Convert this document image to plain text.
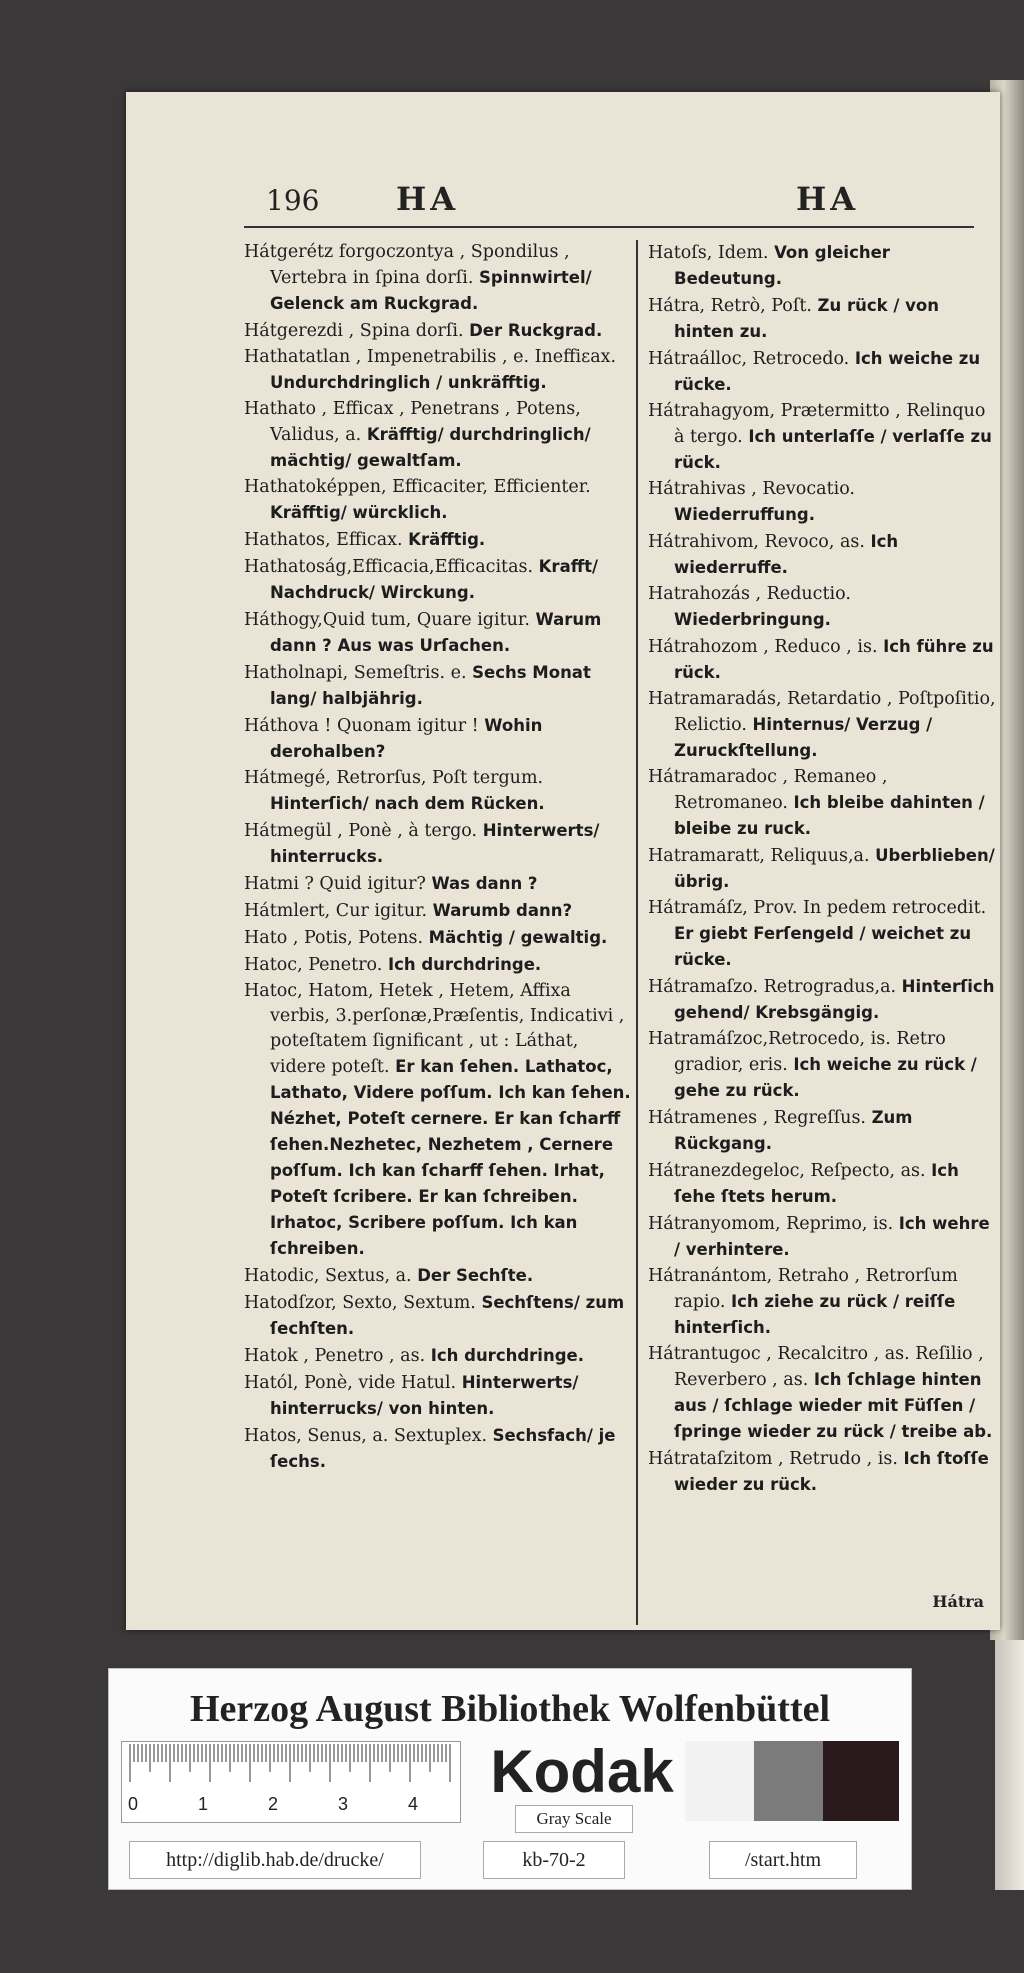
196 HA	HA

Hátgerétz forgoczontya , Spondilus , Vertebra in ſpina dorſi. Spinnwirtel/ Gelenck am Ruckgrad.

Hátgerezdi , Spina dorſi. Der Ruckgrad.

Hathatatlan , Impenetrabilis , e. Ineffiεax. Undurchdringlich / unkräfftig.

Hathato , Efficax , Penetrans , Potens, Validus, a. Kräfftig/ durchdringlich/ mächtig/ gewaltſam.

Hathatoképpen, Efficaciter, Efficienter. Kräfftig/ würcklich.

Hathatos, Efficax. Kräfftig.

Hathatoság,Efficacia,Efficacitas. Krafft/ Nachdruck/ Wirckung.

Háthogy,Quid tum, Quare igitur. Warum dann ? Aus was Urſachen.

Hatholnapi, Semeſtris. e. Sechs Monat lang/ halbjährig.

Háthova ! Quonam igitur ! Wohin derohalben?

Hátmegé, Retrorſus, Poſt tergum. Hinterſich/ nach dem Rücken.

Hátmegül , Ponè , à tergo. Hinterwerts/ hinterrucks.

Hatmi ? Quid igitur? Was dann ?

Hátmlert, Cur igitur. Warumb dann?

Hato , Potis, Potens. Mächtig / gewaltig.

Hatoc, Penetro. Ich durchdringe.

Hatoc, Hatom, Hetek , Hetem, Affixa verbis, 3.perſonæ,Præſentis, Indicativi , poteſtatem ſignificant , ut : Láthat, videre poteſt. Er kan ſehen. Lathatoc, Lathato, Videre poſſum. Ich kan ſehen. Nézhet, Poteſt cernere. Er kan ſcharff ſehen.Nezhetec, Nezhetem , Cernere poſſum. Ich kan ſcharff ſehen. Irhat, Poteſt ſcribere. Er kan ſchreiben. Irhatoc, Scribere poſſum. Ich kan ſchreiben.

Hatodic, Sextus, a. Der Sechſte.

Hatodſzor, Sexto, Sextum. Sechſtens/ zum ſechſten.

Hatok , Penetro , as. Ich durchdringe.

Hatól, Ponè, vide Hatul. Hinterwerts/ hinterrucks/ von hinten.

Hatos, Senus, a. Sextuplex. Sechsfach/ je ſechs.

Hatoſs, Idem. Von gleicher Bedeutung.

Hátra, Retrò, Poſt. Zu rück / von hinten zu.

Hátraálloc, Retrocedo. Ich weiche zu rücke.

Hátrahagyom, Prætermitto , Relinquo à tergo. Ich unterlaſſe / verlaſſe zu rück.

Hátrahivas , Revocatio. Wiederruffung.

Hátrahivom, Revoco, as. Ich wiederruffe.

Hatrahozás , Reductio. Wiederbringung.

Hátrahozom , Reduco , is. Ich führe zu rück.

Hatramaradás, Retardatio , Poſtpoſitio, Relictio. Hinternus/ Verzug / Zuruckſtellung.

Hátramaradoc , Remaneo , Retromaneo. Ich bleibe dahinten / bleibe zu ruck.

Hatramaratt, Reliquus,a. Uberblieben/ übrig.

Hátramáſz, Prov. In pedem retrocedit. Er giebt Ferſengeld / weichet zu rücke.

Hátramaſzo. Retrogradus,a. Hinterſich gehend/ Krebsgängig.

Hatramáſzoc,Retrocedo, is. Retro gradior, eris. Ich weiche zu rück / gehe zu rück.

Hátramenes , Regreſſus. Zum Rückgang.

Hátranezdegeloc, Reſpecto, as. Ich ſehe ſtets herum.

Hátranyomom, Reprimo, is. Ich wehre / verhintere.

Hátranántom, Retraho , Retrorſum rapio. Ich ziehe zu rück / reiſſe hinterſich.

Hátrantugoc , Recalcitro , as. Reſilio , Reverbero , as. Ich ſchlage hinten aus / ſchlage wieder mit Füſſen / ſpringe wieder zu rück / treibe ab.

Hátrataſzitom , Retrudo , is. Ich ſtoſſe wieder zu rück.

Hátra
Herzog August Bibliothek Wolfenbüttel
0	1	2	3	4 Kodak
Gray Scale
http://diglib.hab.de/drucke/	kb-70-2	/start.htm
